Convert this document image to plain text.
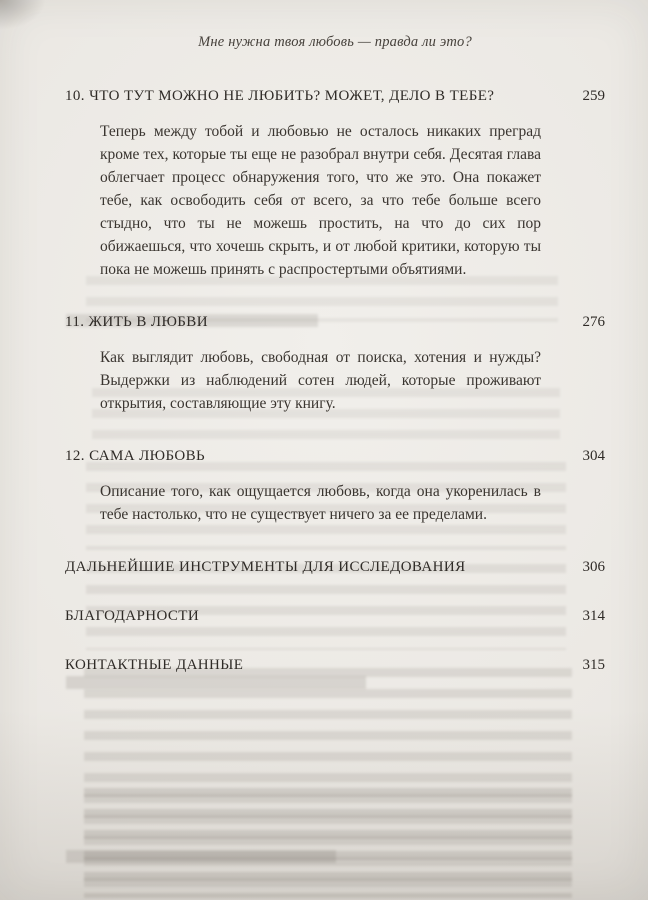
Мне нужна твоя любовь — правда ли это?
10. ЧТО ТУТ МОЖНО НЕ ЛЮБИТЬ? МОЖЕТ, ДЕЛО В ТЕБЕ?	259

Теперь между тобой и любовью не осталось никаких преград кроме тех, которые ты еще не разобрал внутри себя. Десятая глава облегчает процесс обнаружения того, что же это. Она покажет тебе, как освободить себя от всего, за что тебе больше всего стыдно, что ты не можешь простить, на что до сих пор обижаешься, что хочешь скрыть, и от любой критики, которую ты пока не можешь принять с распростертыми объятиями.

11. ЖИТЬ В ЛЮБВИ	276

Как выглядит любовь, свободная от поиска, хотения и нужды? Выдержки из наблюдений сотен людей, которые проживают открытия, составляющие эту книгу.

12. САМА ЛЮБОВЬ	304

Описание того, как ощущается любовь, когда она укоренилась в тебе настолько, что не существует ничего за ее пределами.

ДАЛЬНЕЙШИЕ ИНСТРУМЕНТЫ ДЛЯ ИССЛЕДОВАНИЯ	306
БЛАГОДАРНОСТИ	314
КОНТАКТНЫЕ ДАННЫЕ	315
